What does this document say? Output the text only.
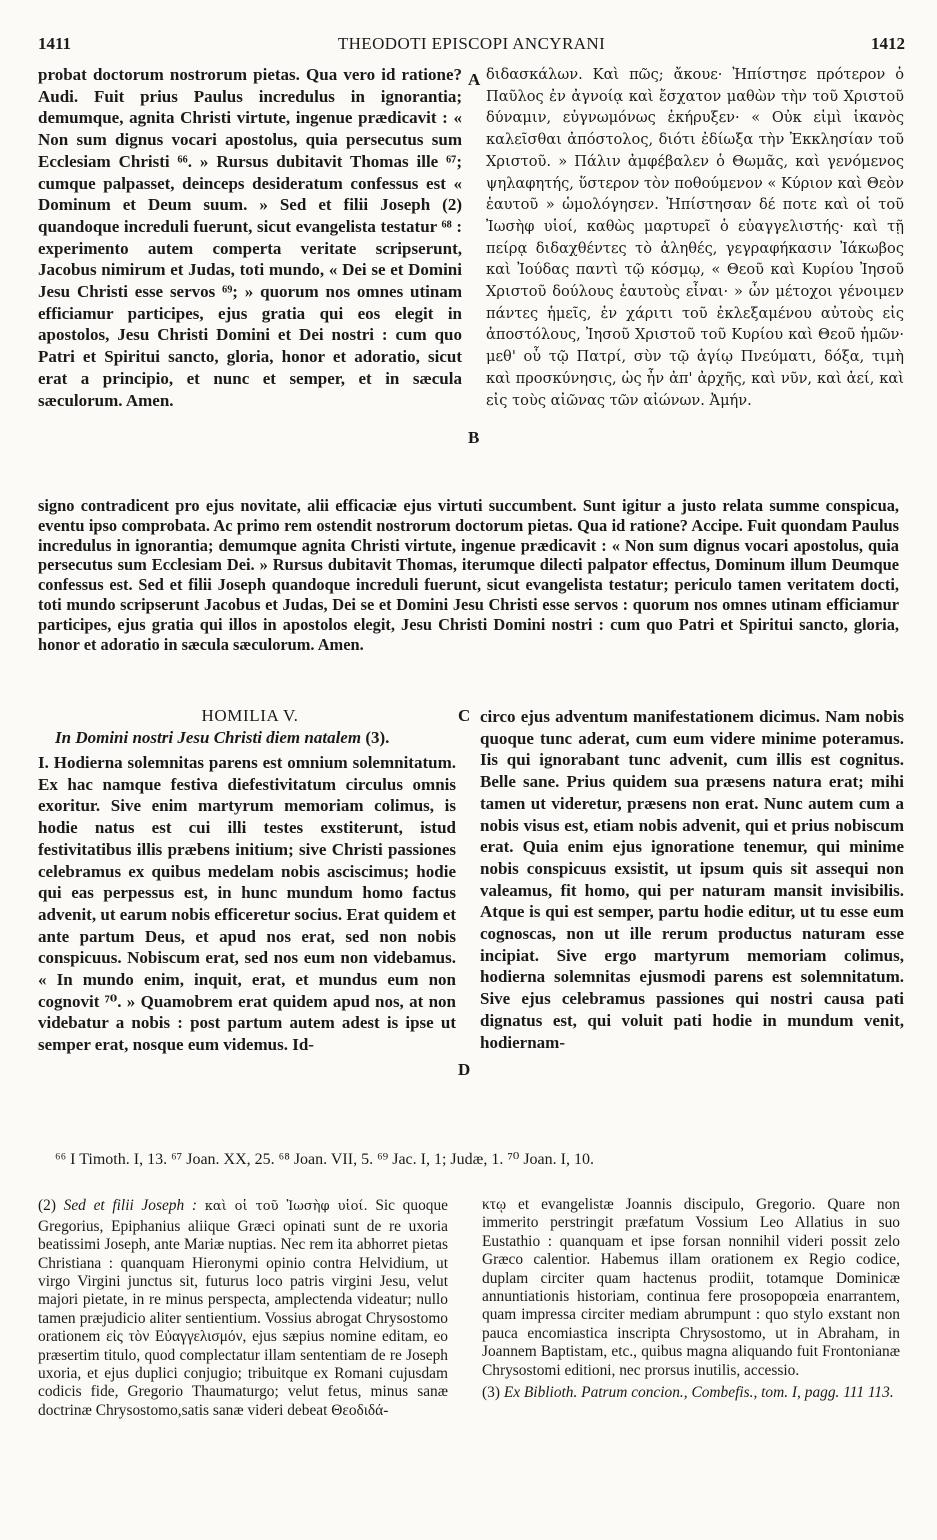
1411	THEODOTI EPISCOPI ANCYRANI	1412

probat doctorum nostrorum pietas. Qua vero id ratione? Audi. Fuit prius Paulus incredulus in ignorantia; demumque, agnita Christi virtute, ingenue prædicavit : « Non sum dignus vocari apostolus, quia persecutus sum Ecclesiam Christi ⁶⁶. » Rursus dubitavit Thomas ille ⁶⁷; cumque palpasset, deinceps desideratum confessus est « Dominum et Deum suum. » Sed et filii Joseph (2) quandoque increduli fuerunt, sicut evangelista testatur ⁶⁸ : experimento autem comperta veritate scripserunt, Jacobus nimirum et Judas, toti mundo, « Dei se et Domini Jesu Christi esse servos ⁶⁹; » quorum nos omnes utinam efficiamur participes, ejus gratia qui eos elegit in apostolos, Jesu Christi Domini et Dei nostri : cum quo Patri et Spiritui sancto, gloria, honor et adoratio, sicut erat a principio, et nunc et semper, et in sæcula sæculorum. Amen.

A
B

διδασκάλων. Καὶ πῶς; ἄκουε· Ἠπίστησε πρότερον ὁ Παῦλος ἐν ἀγνοίᾳ καὶ ἔσχατον μαθὼν τὴν τοῦ Χριστοῦ δύναμιν, εὐγνωμόνως ἐκήρυξεν· « Οὐκ εἰμὶ ἱκανὸς καλεῖσθαι ἀπόστολος, διότι ἐδίωξα τὴν Ἐκκλησίαν τοῦ Χριστοῦ. » Πάλιν ἀμφέβαλεν ὁ Θωμᾶς, καὶ γενόμενος ψηλαφητής, ὕστερον τὸν ποθούμενον « Κύριον καὶ Θεὸν ἑαυτοῦ » ὡμολόγησεν. Ἠπίστησαν δέ ποτε καὶ οἱ τοῦ Ἰωσὴφ υἱοί, καθὼς μαρτυρεῖ ὁ εὐαγγελιστής· καὶ τῇ πείρᾳ διδαχθέντες τὸ ἀληθές, γεγραφήκασιν Ἰάκωβος καὶ Ἰούδας παντὶ τῷ κόσμῳ, « Θεοῦ καὶ Κυρίου Ἰησοῦ Χριστοῦ δούλους ἑαυτοὺς εἶναι· » ὧν μέτοχοι γένοιμεν πάντες ἡμεῖς, ἐν χάριτι τοῦ ἐκλεξαμένου αὐτοὺς εἰς ἀποστόλους, Ἰησοῦ Χριστοῦ τοῦ Κυρίου καὶ Θεοῦ ἡμῶν· μεθ' οὗ τῷ Πατρί, σὺν τῷ ἁγίῳ Πνεύματι, δόξα, τιμὴ καὶ προσκύνησις, ὡς ἦν ἀπ' ἀρχῆς, καὶ νῦν, καὶ ἀεί, καὶ εἰς τοὺς αἰῶνας τῶν αἰώνων. Ἀμήν.

signo contradicent pro ejus novitate, alii efficaciæ ejus virtuti succumbent. Sunt igitur a justo relata summe conspicua, eventu ipso comprobata. Ac primo rem ostendit nostrorum doctorum pietas. Qua id ratione? Accipe. Fuit quondam Paulus incredulus in ignorantia; demumque agnita Christi virtute, ingenue prædicavit : « Non sum dignus vocari apostolus, quia persecutus sum Ecclesiam Dei. » Rursus dubitavit Thomas, iterumque dilecti palpator effectus, Dominum illum Deumque confessus est. Sed et filii Joseph quandoque increduli fuerunt, sicut evangelista testatur; periculo tamen veritatem docti, toti mundo scripserunt Jacobus et Judas, Dei se et Domini Jesu Christi esse servos : quorum nos omnes utinam efficiamur participes, ejus gratia qui illos in apostolos elegit, Jesu Christi Domini nostri : cum quo Patri et Spiritui sancto, gloria, honor et adoratio in sæcula sæculorum. Amen.

HOMILIA V.
In Domini nostri Jesu Christi diem natalem (3).
C
D

I. Hodierna solemnitas parens est omnium solemnitatum. Ex hac namque festiva diefestivitatum circulus omnis exoritur. Sive enim martyrum memoriam colimus, is hodie natus est cui illi testes exstiterunt, istud festivitatibus illis præbens initium; sive Christi passiones celebramus ex quibus medelam nobis asciscimus; hodie qui eas perpessus est, in hunc mundum homo factus advenit, ut earum nobis efficeretur socius. Erat quidem et ante partum Deus, et apud nos erat, sed non nobis conspicuus. Nobiscum erat, sed nos eum non videbamus. « In mundo enim, inquit, erat, et mundus eum non cognovit ⁷⁰. » Quamobrem erat quidem apud nos, at non videbatur a nobis : post partum autem adest is ipse ut semper erat, nosque eum videmus. Id-

circo ejus adventum manifestationem dicimus. Nam nobis quoque tunc aderat, cum eum videre minime poteramus. Iis qui ignorabant tunc advenit, cum illis est cognitus. Belle sane. Prius quidem sua præsens natura erat; mihi tamen ut videretur, præsens non erat. Nunc autem cum a nobis visus est, etiam nobis advenit, qui et prius nobiscum erat. Quia enim ejus ignoratione tenemur, qui minime nobis conspicuus exsistit, ut ipsum quis sit assequi non valeamus, fit homo, qui per naturam mansit invisibilis. Atque is qui est semper, partu hodie editur, ut tu esse eum cognoscas, non ut ille rerum productus naturam esse incipiat. Sive ergo martyrum memoriam colimus, hodierna solemnitas ejusmodi parens est solemnitatum. Sive ejus celebramus passiones qui nostri causa pati dignatus est, qui voluit pati hodie in mundum venit, hodiernam-

⁶⁶ I Timoth. I, 13. ⁶⁷ Joan. XX, 25. ⁶⁸ Joan. VII, 5. ⁶⁹ Jac. I, 1; Judæ, 1. ⁷⁰ Joan. I, 10.

(2) Sed et filii Joseph : καὶ οἱ τοῦ Ἰωσὴφ υἱοί. Sic quoque Gregorius, Epiphanius aliique Græci opinati sunt de re uxoria beatissimi Joseph, ante Mariæ nuptias. Nec rem ita abhorret pietas Christiana : quanquam Hieronymi opinio contra Helvidium, ut virgo Virgini junctus sit, futurus loco patris virgini Jesu, velut majori pietate, in re minus perspecta, amplectenda videatur; nullo tamen præjudicio aliter sentientium. Vossius abrogat Chrysostomo orationem εἰς τὸν Εὐαγγελισμόν, ejus sæpius nomine editam, eo præsertim titulo, quod complectatur illam sententiam de re Joseph uxoria, et ejus duplici conjugio; tribuitque ex Romani cujusdam codicis fide, Gregorio Thaumaturgo; velut fetus, minus sanæ doctrinæ Chrysostomo,satis sanæ videri debeat Θεοδιδά-

κτῳ et evangelistæ Joannis discipulo, Gregorio. Quare non immerito perstringit præfatum Vossium Leo Allatius in suo Eustathio : quanquam et ipse forsan nonnihil videri possit zelo Græco calentior. Habemus illam orationem ex Regio codice, duplam circiter quam hactenus prodiit, totamque Dominicæ annuntiationis historiam, continua fere prosopopœia enarrantem, quam impressa circiter mediam abrumpunt : quo stylo exstant non pauca encomiastica inscripta Chrysostomo, ut in Abraham, in Joannem Baptistam, etc., quibus magna aliquando fuit Frontonianæ Chrysostomi editioni, nec prorsus inutilis, accessio.

(3) Ex Biblioth. Patrum concion., Combefis., tom. I, pagg. 111 113.
